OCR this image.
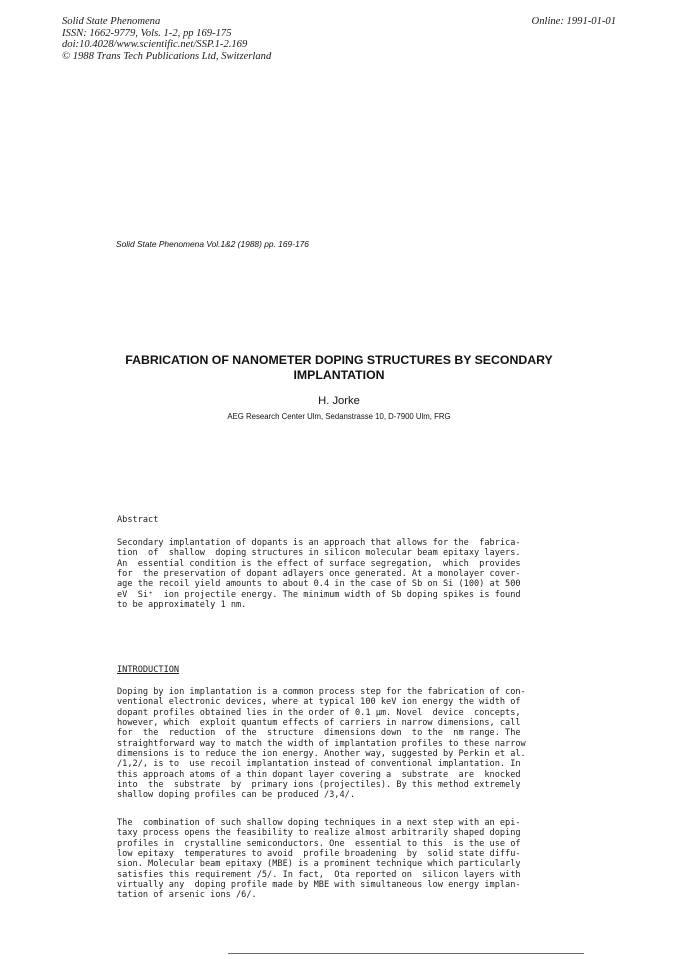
Solid State Phenomena
ISSN: 1662-9779, Vols. 1-2, pp 169-175
doi:10.4028/www.scientific.net/SSP.1-2.169
© 1988 Trans Tech Publications Ltd, Switzerland
Online: 1991-01-01
Solid State Phenomena Vol.1&2 (1988) pp. 169-176
FABRICATION OF NANOMETER DOPING STRUCTURES BY SECONDARY
IMPLANTATION
H. Jorke
AEG Research Center Ulm, Sedanstrasse 10, D-7900 Ulm, FRG
Abstract
Secondary implantation of dopants is an approach that allows for the  fabrica-
tion  of  shallow  doping structures in silicon molecular beam epitaxy layers.
An  essential condition is the effect of surface segregation,  which  provides
for  the preservation of dopant adlayers once generated. At a monolayer cover-
age the recoil yield amounts to about 0.4 in the case of Sb on Si (100) at 500
eV  Si⁺  ion projectile energy. The minimum width of Sb doping spikes is found
to be approximately 1 nm.
INTRODUCTION
Doping by ion implantation is a common process step for the fabrication of con-
ventional electronic devices, where at typical 100 keV ion energy the width of
dopant profiles obtained lies in the order of 0.1 µm. Novel  device  concepts,
however, which  exploit quantum effects of carriers in narrow dimensions, call
for  the  reduction  of the  structure  dimensions down  to the  nm range. The
straightforward way to match the width of implantation profiles to these narrow
dimensions is to reduce the ion energy. Another way, suggested by Perkin et al.
/1,2/, is to  use recoil implantation instead of conventional implantation. In
this approach atoms of a thin dopant layer covering a  substrate  are  knocked
into  the  substrate  by  primary ions (projectiles). By this method extremely
shallow doping profiles can be produced /3,4/.
The  combination of such shallow doping techniques in a next step with an epi-
taxy process opens the feasibility to realize almost arbitrarily shaped doping
profiles in  crystalline semiconductors. One  essential to this  is the use of
low epitaxy  temperatures to avoid  profile broadening  by  solid state diffu-
sion. Molecular beam epitaxy (MBE) is a prominent technique which particularly
satisfies this requirement /5/. In fact,  Ota reported on  silicon layers with
virtually any  doping profile made by MBE with simultaneous low energy implan-
tation of arsenic ions /6/.
